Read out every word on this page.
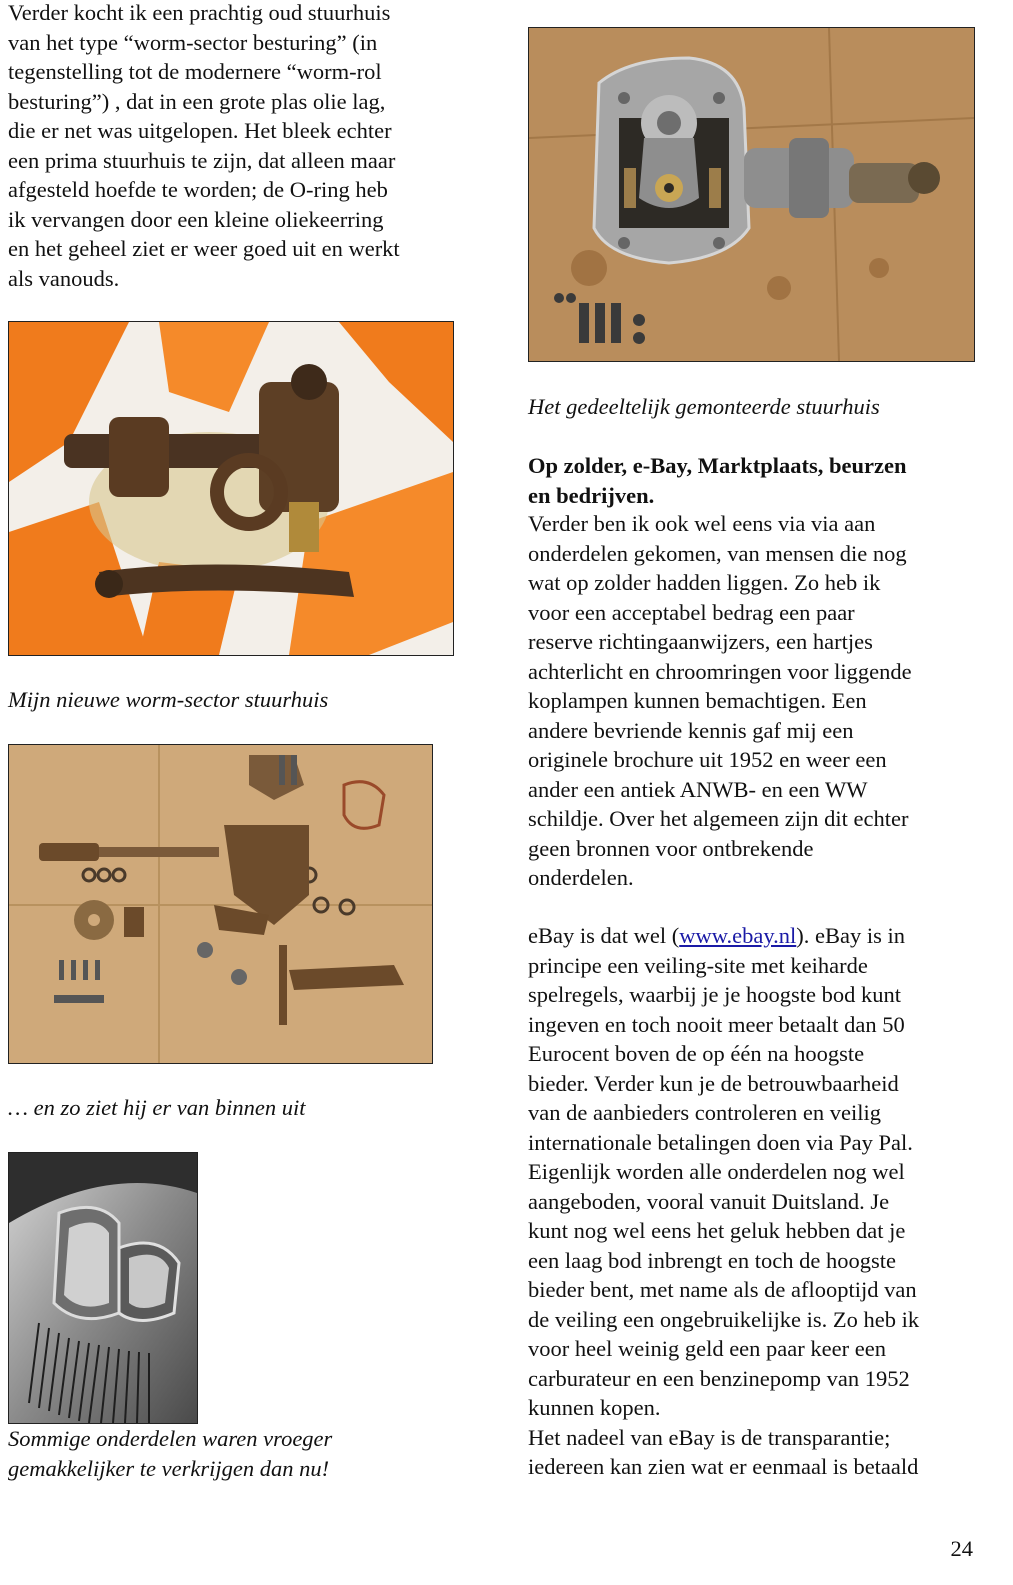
Verder kocht ik een prachtig oud stuurhuis
van het type “worm-sector besturing” (in
tegenstelling tot de modernere “worm-rol
besturing”) , dat in een grote plas olie lag,
die er net was uitgelopen. Het bleek echter
een prima stuurhuis te zijn, dat alleen maar
afgesteld hoefde te worden; de O-ring heb
ik vervangen door een kleine oliekeerring
en het geheel ziet er weer goed uit en werkt
als vanouds.

Mijn nieuwe worm-sector stuurhuis

… en zo ziet hij er van binnen uit

Sommige onderdelen waren vroeger
gemakkelijker te verkrijgen dan nu!

Het gedeeltelijk gemonteerde stuurhuis

Op zolder, e-Bay, Marktplaats, beurzen
en bedrijven.

Verder ben ik ook wel eens via via aan
onderdelen gekomen, van mensen die nog
wat op zolder hadden liggen. Zo heb ik
voor een acceptabel bedrag een paar
reserve richtingaanwijzers, een hartjes
achterlicht en chroomringen voor liggende
koplampen kunnen bemachtigen. Een
andere bevriende kennis gaf mij een
originele brochure uit 1952 en weer een
ander een antiek ANWB- en een WW
schildje. Over het algemeen zijn dit echter
geen bronnen voor ontbrekende
onderdelen.

eBay is dat wel (www.ebay.nl). eBay is in
principe een veiling-site met keiharde
spelregels, waarbij je je hoogste bod kunt
ingeven en toch nooit meer betaalt dan 50
Eurocent boven de op één na hoogste
bieder. Verder kun je de betrouwbaarheid
van de aanbieders controleren en veilig
internationale betalingen doen via Pay Pal.
Eigenlijk worden alle onderdelen nog wel
aangeboden, vooral vanuit Duitsland. Je
kunt nog wel eens het geluk hebben dat je
een laag bod inbrengt en toch de hoogste
bieder bent, met name als de aflooptijd van
de veiling een ongebruikelijke is. Zo heb ik
voor heel weinig geld een paar keer een
carburateur en een benzinepomp van 1952
kunnen kopen.
Het nadeel van eBay is de transparantie;
iedereen kan zien wat er eenmaal is betaald

24
